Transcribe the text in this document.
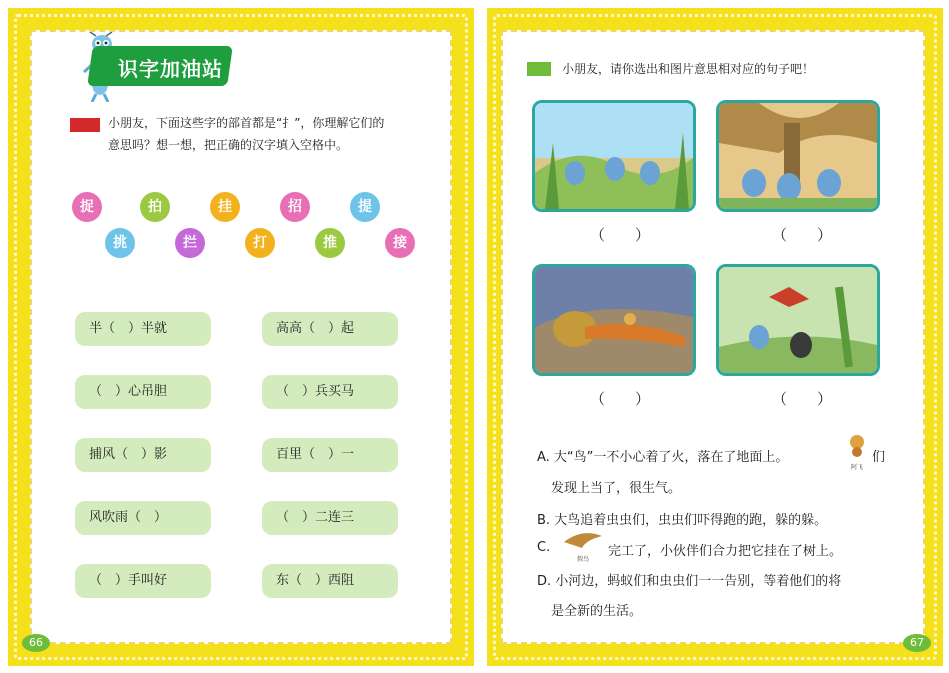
66	67
识字加油站
小朋友，下面这些字的部首都是“扌”，你理解它们的
意思吗？想一想，把正确的汉字填入空格中。
捉	拍	挂	招	提
挑	拦	打	推	接
半（　）半就
（　）心吊胆
捕风（　）影
风吹雨（　）
（　）手叫好
高高（　）起
（　）兵买马
百里（　）一
（　）二连三
东（　）西阻
小朋友，请你选出和图片意思相对应的句子吧！
（　　）	（　　）
（　　）	（　　）
A. 大“鸟”一不小心着了火，落在了地面上。
阿飞
们
发现上当了，很生气。
B. 大鸟追着虫虫们，虫虫们吓得跑的跑，躲的躲。
C.
假鸟
完工了，小伙伴们合力把它挂在了树上。
D. 小河边，蚂蚁们和虫虫们一一告别，等着他们的将
是全新的生活。
